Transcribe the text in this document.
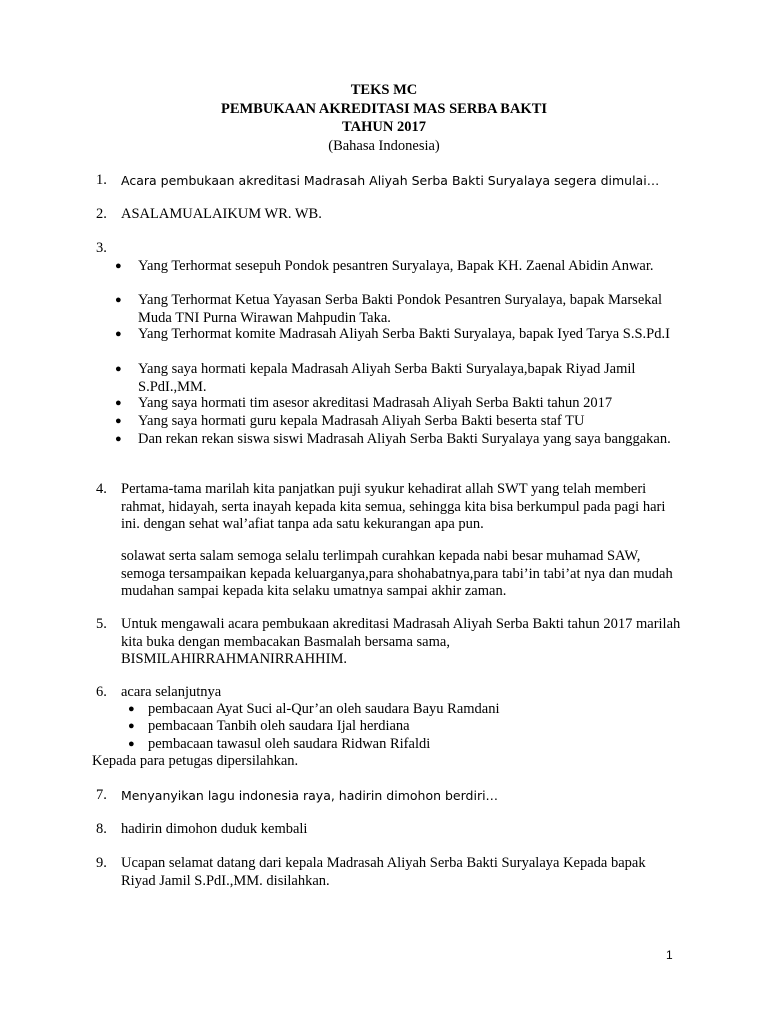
TEKS MC
PEMBUKAAN AKREDITASI MAS SERBA BAKTI
TAHUN 2017
(Bahasa Indonesia)
1. Acara pembukaan akreditasi Madrasah Aliyah Serba Bakti Suryalaya segera dimulai…
2. ASALAMUALAIKUM WR. WB.
3.
● Yang Terhormat sesepuh Pondok pesantren Suryalaya, Bapak KH. Zaenal Abidin Anwar.
● Yang Terhormat Ketua Yayasan Serba Bakti Pondok Pesantren Suryalaya, bapak Marsekal Muda TNI Purna Wirawan Mahpudin Taka.
● Yang Terhormat komite Madrasah Aliyah Serba Bakti Suryalaya, bapak Iyed Tarya S.S.Pd.I
● Yang saya hormati kepala Madrasah Aliyah Serba Bakti Suryalaya,bapak Riyad Jamil S.PdI.,MM.
● Yang saya hormati tim asesor akreditasi Madrasah Aliyah Serba Bakti tahun 2017
● Yang saya hormati guru kepala Madrasah Aliyah Serba Bakti beserta staf TU
● Dan rekan rekan siswa siswi Madrasah Aliyah Serba Bakti Suryalaya yang saya banggakan.
4. Pertama-tama marilah kita panjatkan puji syukur kehadirat allah SWT yang telah memberi rahmat, hidayah, serta inayah kepada kita semua, sehingga kita bisa berkumpul pada pagi hari ini. dengan sehat wal’afiat tanpa ada satu kekurangan apa pun.
solawat serta salam semoga selalu terlimpah curahkan kepada nabi besar muhamad SAW, semoga tersampaikan kepada keluarganya,para shohabatnya,para tabi’in tabi’at nya dan mudah mudahan sampai kepada kita selaku umatnya sampai akhir zaman.
5. Untuk mengawali acara pembukaan akreditasi Madrasah Aliyah Serba Bakti tahun 2017 marilah kita buka dengan membacakan Basmalah bersama sama,
BISMILAHIRRAHMANIRRAHHIM.
6. acara selanjutnya
● pembacaan Ayat Suci al-Qur’an oleh saudara Bayu Ramdani
● pembacaan Tanbih oleh saudara Ijal herdiana
● pembacaan tawasul oleh saudara Ridwan Rifaldi
Kepada para petugas dipersilahkan.
7. Menyanyikan lagu indonesia raya, hadirin dimohon berdiri…
8. hadirin dimohon duduk kembali
9. Ucapan selamat datang dari kepala Madrasah Aliyah Serba Bakti Suryalaya Kepada bapak Riyad Jamil S.PdI.,MM. disilahkan.
1
